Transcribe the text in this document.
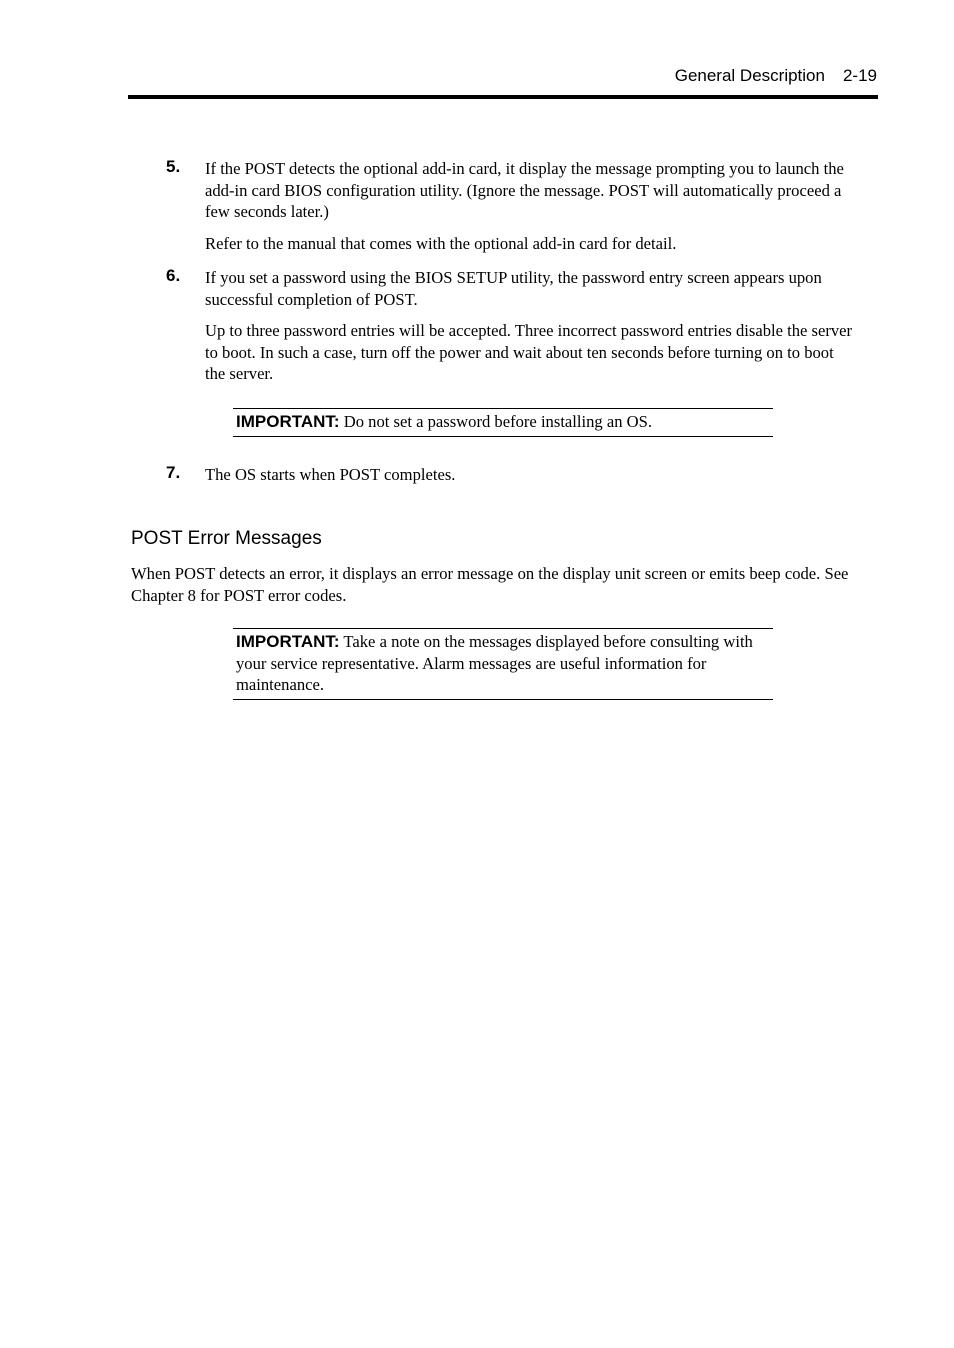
General Description 2-19
5. If the POST detects the optional add-in card, it display the message prompting you to launch the add-in card BIOS configuration utility. (Ignore the message. POST will automatically proceed a few seconds later.)

Refer to the manual that comes with the optional add-in card for detail.

6. If you set a password using the BIOS SETUP utility, the password entry screen appears upon successful completion of POST.

Up to three password entries will be accepted. Three incorrect password entries disable the server to boot. In such a case, turn off the power and wait about ten seconds before turning on to boot the server.

IMPORTANT: Do not set a password before installing an OS.
7. The OS starts when POST completes.

POST Error Messages
When POST detects an error, it displays an error message on the display unit screen or emits beep code. See Chapter 8 for POST error codes.
IMPORTANT: Take a note on the messages displayed before consulting with your service representative. Alarm messages are useful information for maintenance.
